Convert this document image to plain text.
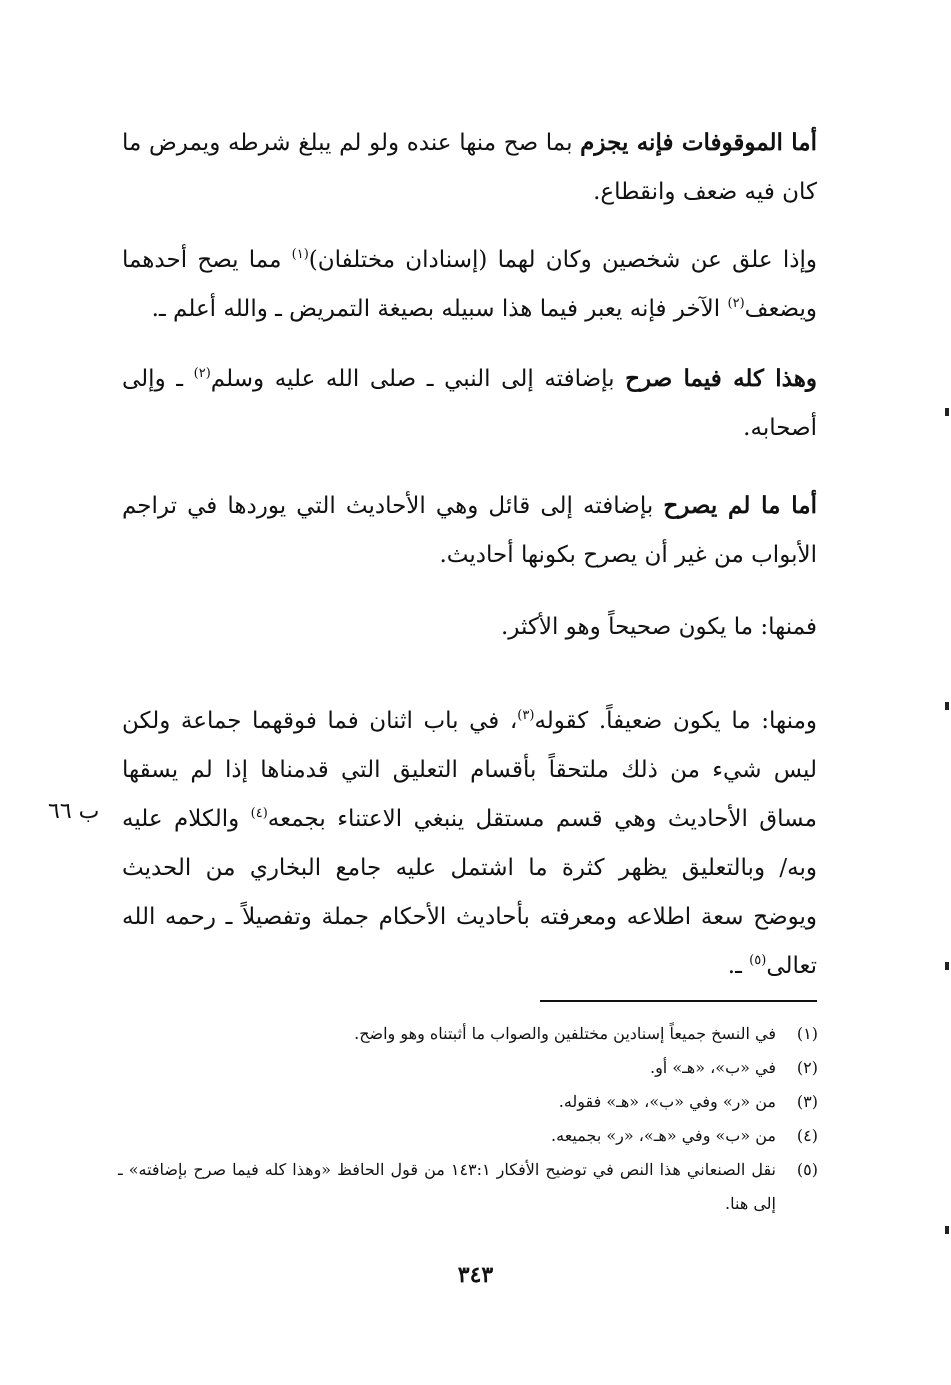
أما الموقوفات فإنه يجزم بما صح منها عنده ولو لم يبلغ شرطه ويمرض ما كان فيه ضعف وانقطاع.

وإذا علق عن شخصين وكان لهما (إسنادان مختلفان)$^{(١)}$ مما يصح أحدهما ويضعف$^{(٢)}$ الآخر فإنه يعبر فيما هذا سبيله بصيغة التمريض ـ والله أعلم ـ.

وهذا كله فيما صرح بإضافته إلى النبي ـ صلى الله عليه وسلم$^{(٢)}$ ـ وإلى أصحابه.

أما ما لم يصرح بإضافته إلى قائل وهي الأحاديث التي يوردها في تراجم الأبواب من غير أن يصرح بكونها أحاديث.

فمنها: ما يكون صحيحاً وهو الأكثر.

ومنها: ما يكون ضعيفاً. كقوله$^{(٣)}$، في باب اثنان فما فوقهما جماعة ولكن ليس شيء من ذلك ملتحقاً بأقسام التعليق التي قدمناها إذا لم يسقها مساق الأحاديث وهي قسم مستقل ينبغي الاعتناء بجمعه$^{(٤)}$ والكلام عليه وبه/ وبالتعليق يظهر كثرة ما اشتمل عليه جامع البخاري من الحديث ويوضح سعة اطلاعه ومعرفته بأحاديث الأحكام جملة وتفصيلاً ـ رحمه الله تعالى$^{(٥)}$ ـ.

ب ٦٦
(١)
في النسخ جميعاً إسنادين مختلفين والصواب ما أثبتناه وهو واضح.
(٢)
في «ب»، «هـ» أو.
(٣)
من «ر» وفي «ب»، «هـ» فقوله.
(٤)
من «ب» وفي «هـ»، «ر» بجميعه.
(٥)
نقل الصنعاني هذا النص في توضيح الأفكار ١٤٣:١ من قول الحافظ «وهذا كله فيما صرح بإضافته» ـ إلى هنا.
٣٤٣
